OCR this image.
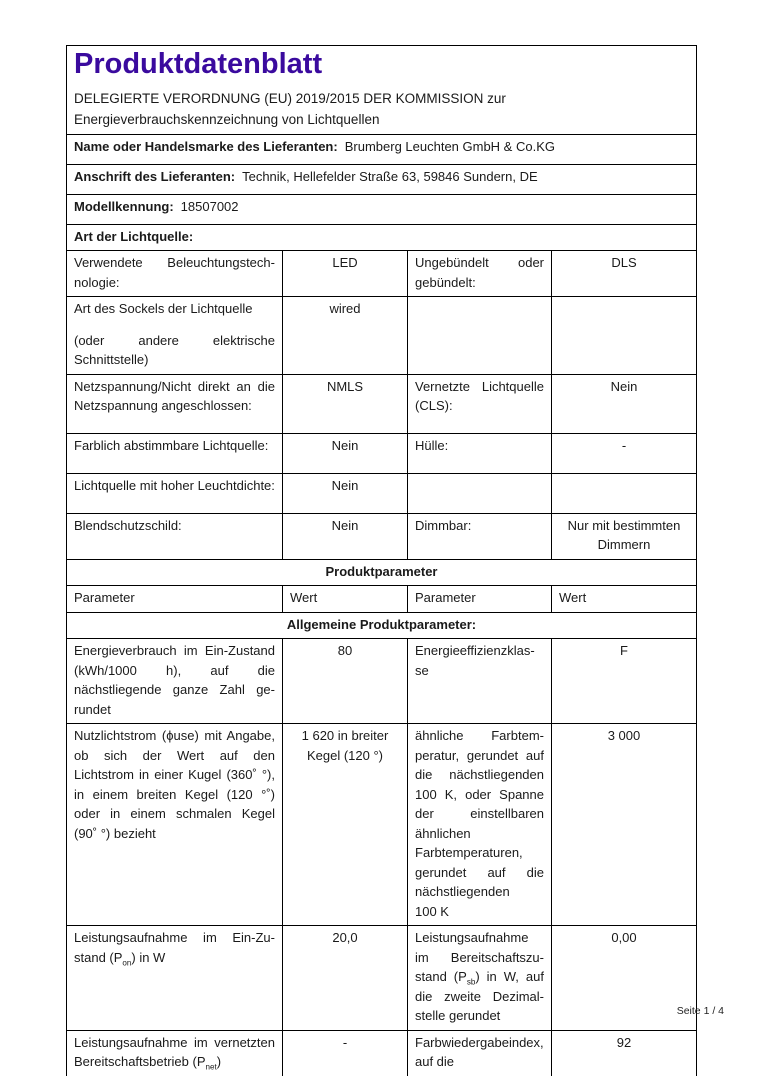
Produktdatenblatt
DELEGIERTE VERORDNUNG (EU) 2019/2015 DER KOMMISSION zur Energieverbrauchskennzeichnung von Lichtquellen

Name oder Handelsmarke des Lieferanten: Brumberg Leuchten GmbH & Co.KG			
Anschrift des Lieferanten: Technik, Hellefelder Straße 63, 59846 Sundern, DE			
Modellkennung: 18507002			
Art der Lichtquelle:			
Verwendete Beleuchtungstechnologie:	LED	Ungebündelt oder gebündelt:	DLS

Art des Sockels der Lichtquelle
(oder andere elektrische Schnittstelle)	wired		
Netzspannung/Nicht direkt an die Netzspannung angeschlossen:	NMLS	Vernetzte Lichtquelle (CLS):	Nein
Farblich abstimmbare Lichtquelle:	Nein	Hülle:	-
Lichtquelle mit hoher Leuchtdichte:	Nein		
Blendschutzschild:	Nein	Dimmbar:	Nur mit bestimmten Dimmern
Produktparameter			
Parameter	Wert	Parameter	Wert
Allgemeine Produktparameter:			
Energieverbrauch im Ein-Zustand (kWh/1000 h), auf die nächstliegende ganze Zahl gerundet	80	Energieeffizienzklasse	F
Nutzlichtstrom (ϕuse) mit Angabe, ob sich der Wert auf den Lichtstrom in einer Kugel (360˚ °), in einem breiten Kegel (120 °˚) oder in einem schmalen Kegel (90˚ °) bezieht	1 620 in breiter Kegel (120 °)	ähnliche Farbtemperatur, gerundet auf die nächstliegenden 100 K, oder Spanne der einstellbaren ähnlichen Farbtemperaturen, gerundet auf die nächstliegenden 100 K	3 000
Leistungsaufnahme im Ein-Zustand $(P_{on})$ in W	20,0	Leistungsaufnahme im Bereitschaftszustand $(P_{sb})$ in W, auf die zweite Dezimalstelle gerundet	0,00
Leistungsaufnahme im vernetzten Bereitschaftsbetrieb $(P_{net})$	-	Farbwiedergabeindex, auf die	92
Seite 1 / 4
